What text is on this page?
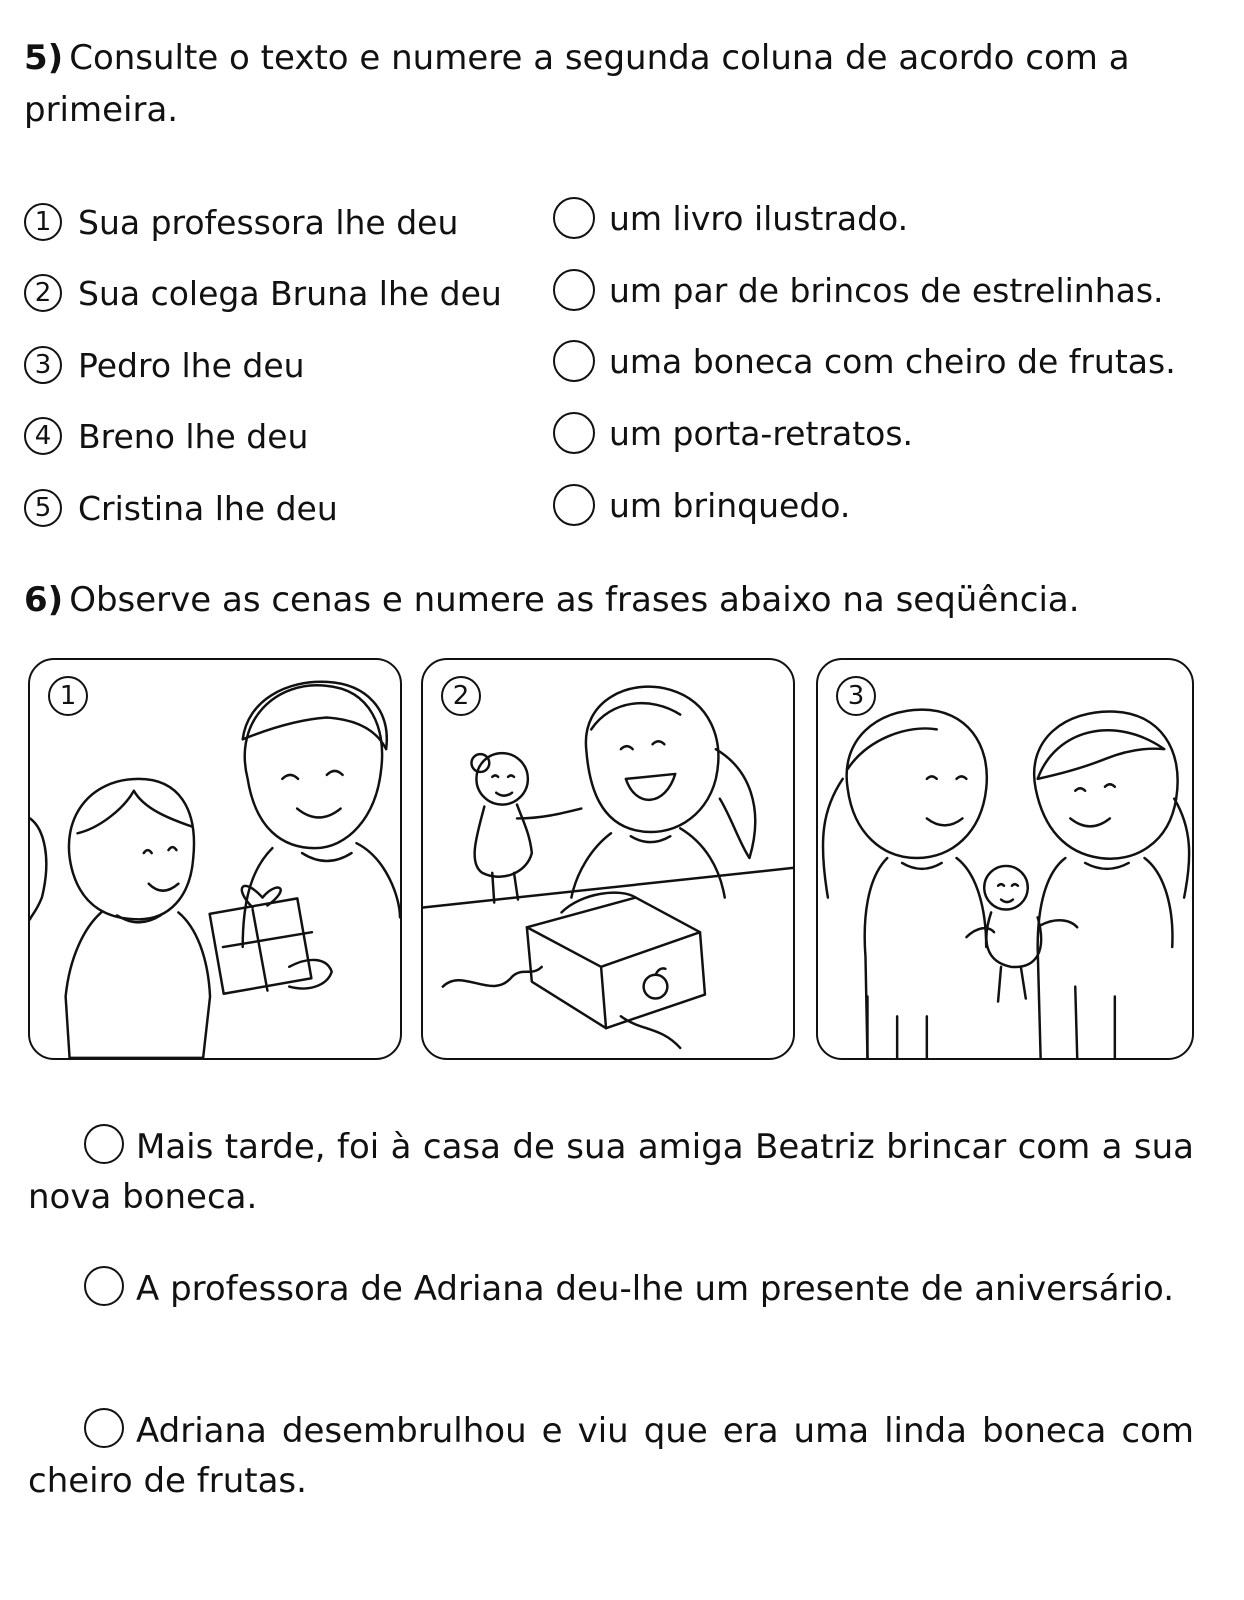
5) Consulte o texto e numere a segunda coluna de acordo com a primeira.
1 Sua professora lhe deu
2 Sua colega Bruna lhe deu
3 Pedro lhe deu
4 Breno lhe deu
5 Cristina lhe deu
um livro ilustrado.
um par de brincos de estrelinhas.
uma boneca com cheiro de frutas.
um porta-retratos.
um brinquedo.
6) Observe as cenas e numere as frases abaixo na seqüência.
1	2	3
Mais tarde, foi à casa de sua amiga Beatriz brincar com a sua nova boneca.
A professora de Adriana deu-lhe um presente de aniversário.
Adriana desembrulhou e viu que era uma linda boneca com cheiro de frutas.
